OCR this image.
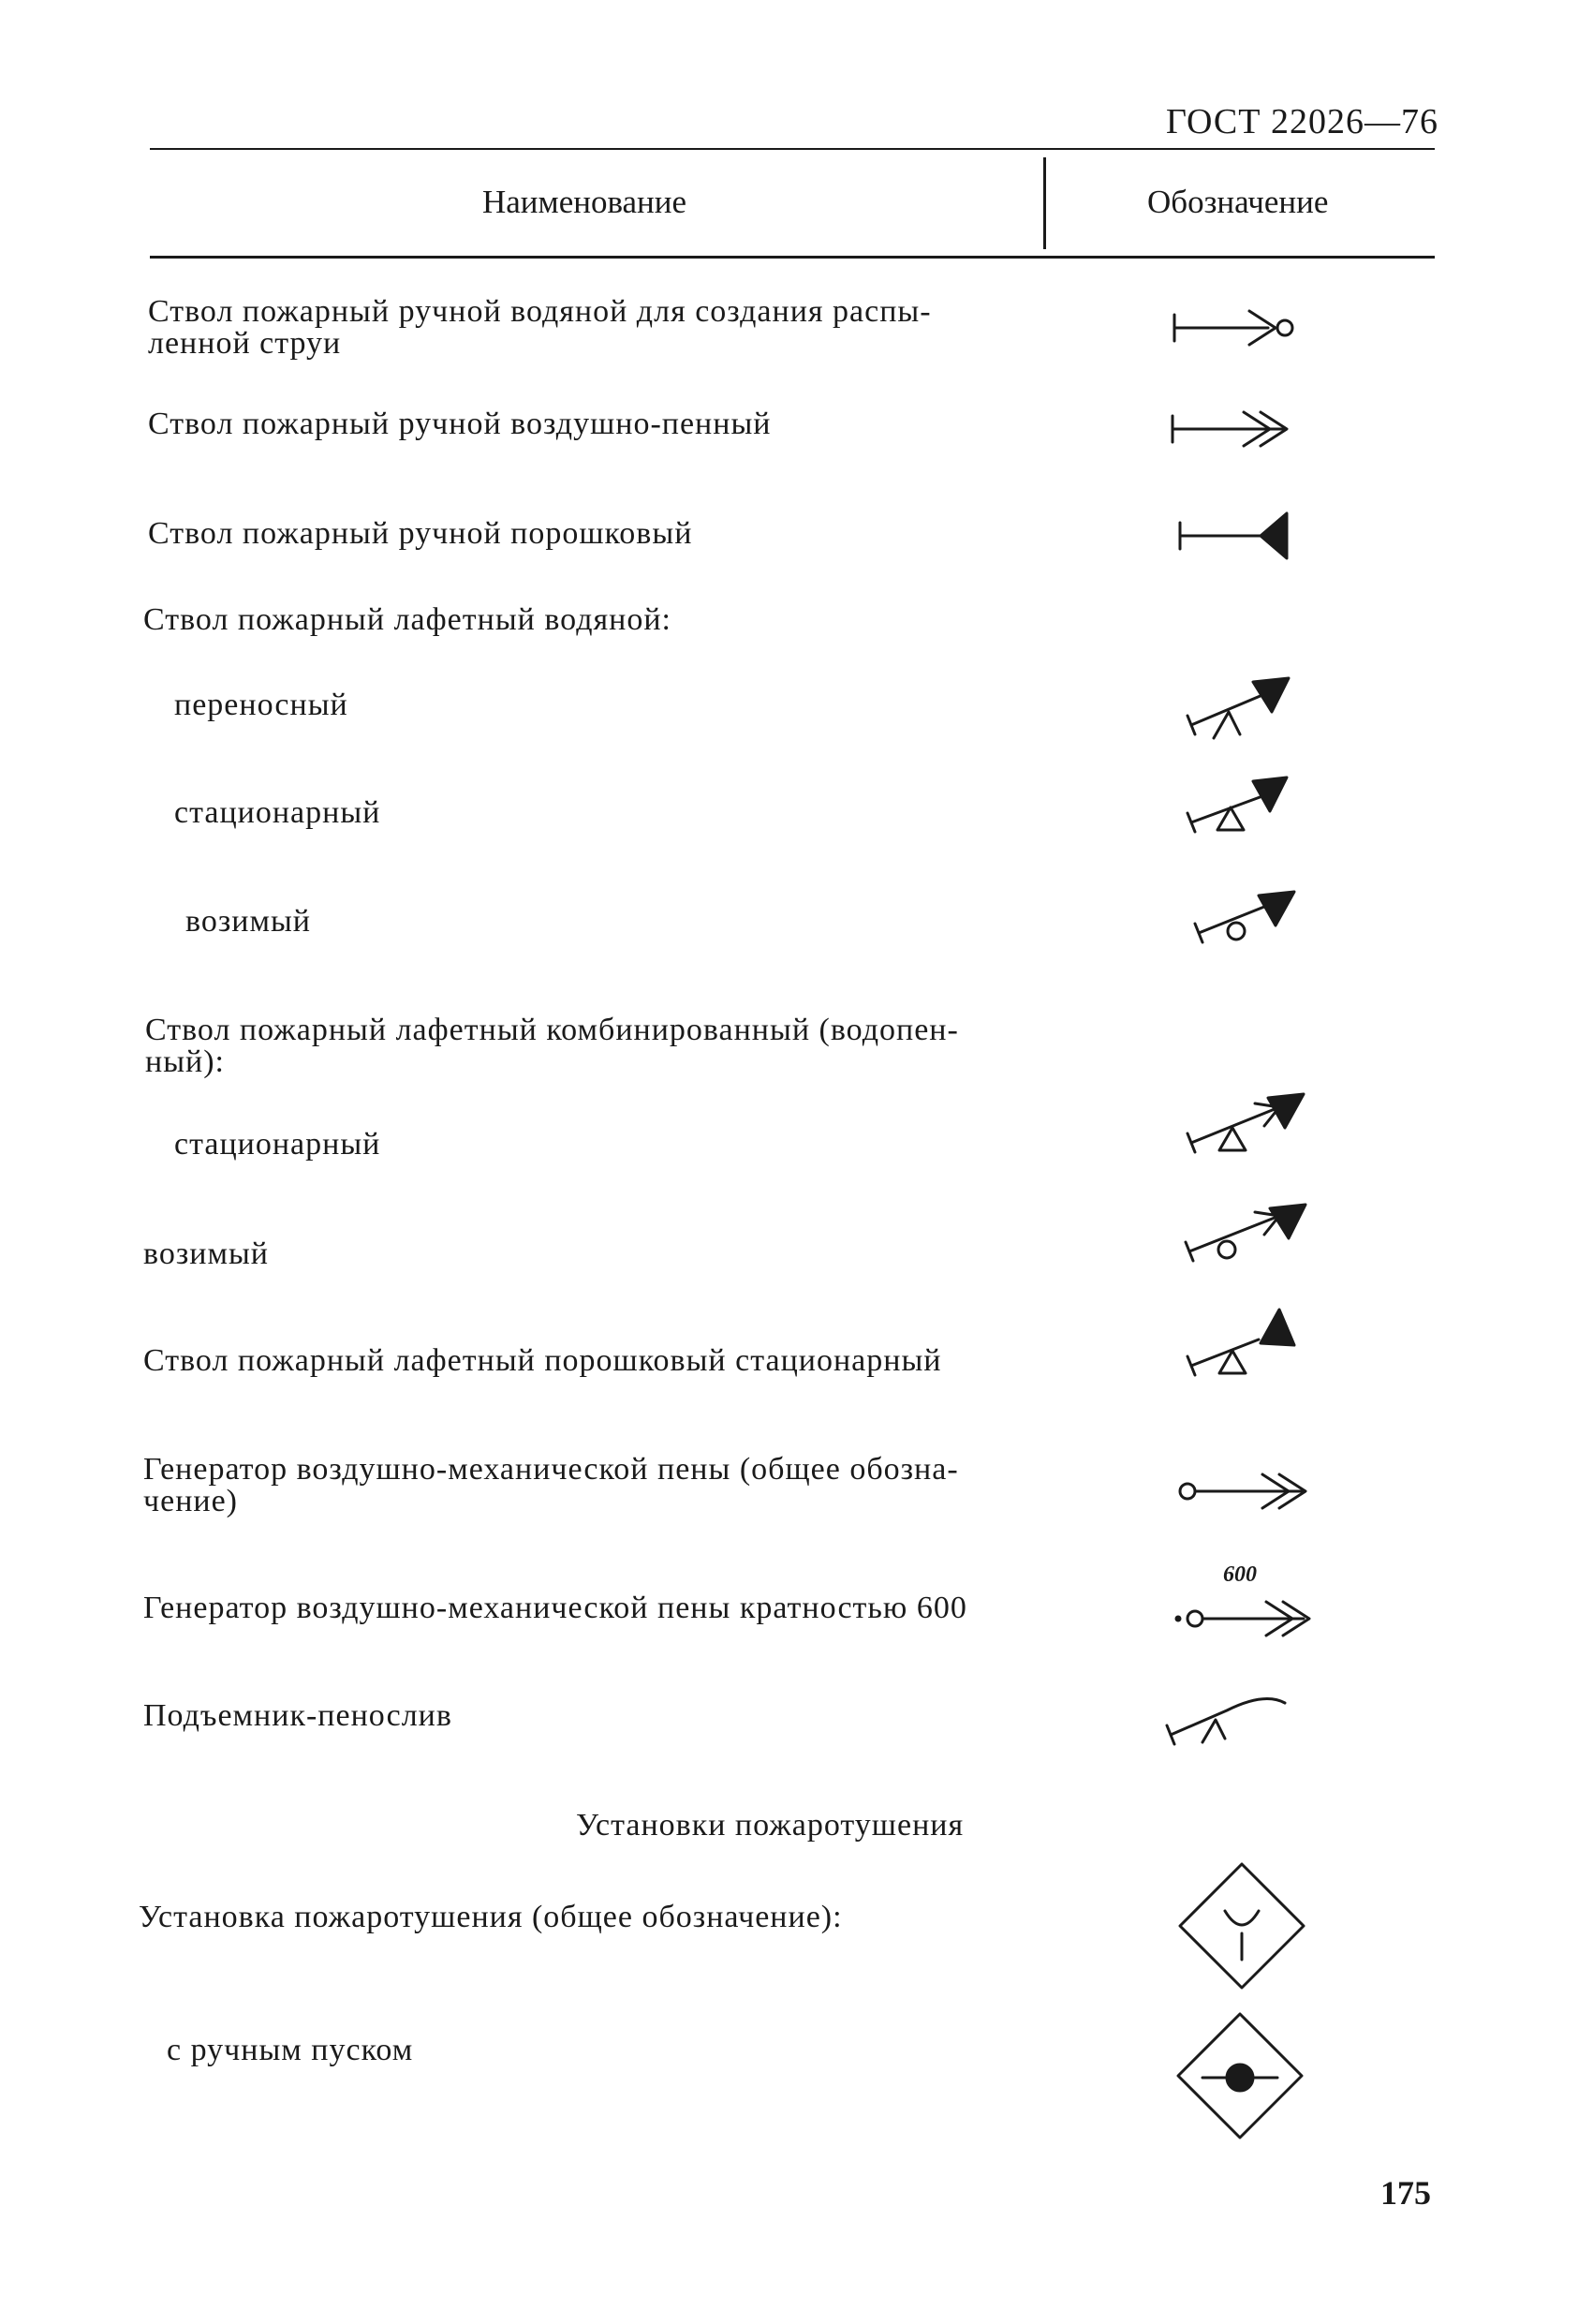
ГОСТ 22026—76
Наименование	Обозначение
Ствол пожарный ручной водяной для создания распы-
ленной струи
Ствол пожарный ручной воздушно-пенный
Ствол пожарный ручной порошковый
Ствол пожарный лафетный водяной:
переносный
стационарный
возимый
Ствол пожарный лафетный комбинированный (водопен-
ный):
стационарный
возимый
Ствол пожарный лафетный порошковый стационарный
Генератор воздушно-механической пены (общее обозна-
чение)
Генератор воздушно-механической пены кратностью 600
Подъемник-пенослив
Установки пожаротушения
Установка пожаротушения (общее обозначение):
с ручным пуском
600
175
